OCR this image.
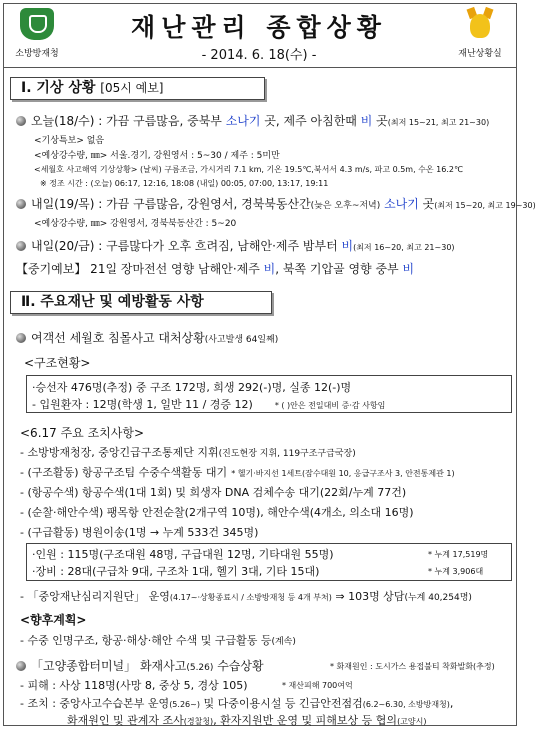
소방방재청
재난관리 종합상황
- 2014. 6. 18(수) -	재난상황실
Ⅰ. 기상 상황 [05시 예보]
오늘(18/수) : 가끔 구름많음, 중북부 소나기 곳, 제주 아침한때 비 곳(최저 15~21, 최고 21~30)
<기상특보> 없음
<예상강수량, ㎜> 서울.경기, 강원영서 : 5~30 / 제주 : 5미만
<세월호 사고해역 기상상황> (날씨) 구름조금, 가시거리 7.1 km, 기온 19.5℃,북서서 4.3 m/s, 파고 0.5m, 수온 16.2℃
※ 정조 시간 : (오늘) 06:17, 12:16, 18:08 (내일) 00:05, 07:00, 13:17, 19:11
내일(19/목) : 가끔 구름많음, 강원영서, 경북북동산간(늦은 오후~저녁) 소나기 곳(최저 15~20, 최고 19~30)
<예상강수량, ㎜> 강원영서, 경북북동산간 : 5~20
내일(20/금) : 구름많다가 오후 흐려짐, 남해안·제주 밤부터 비(최저 16~20, 최고 21~30)
【중기예보】 21일 장마전선 영향 남해안·제주 비, 북쪽 기압골 영향 중부 비
Ⅱ. 주요재난 및 예방활동 사항
여객선 세월호 침몰사고 대처상황(사고발생 64일째)
<구조현황>
·승선자 476명(추정) 중 구조 172명, 희생 292(-)명, 실종 12(-)명
- 입원환자 : 12명(학생 1, 일반 11 / 경증 12)	* ( )안은 전일대비 증·감 사항임
<6.17 주요 조치사항>
- 소방방재청장, 중앙긴급구조통제단 지휘(진도현장 지휘, 119구조구급국장)
- (구조활동) 항공구조팀 수중수색활동 대기 * 헬기·바지선 1세트(잠수대원 10, 응급구조사 3, 안전통제관 1)
- (항공수색) 항공수색(1대 1회) 및 희생자 DNA 검체수송 대기(22회/누계 77건)
- (순찰·해안수색) 팽목항 안전순찰(2개구역 10명), 해안수색(4개소, 의소대 16명)
- (구급활동) 병원이송(1명 → 누계 533건 345명)
·인원 : 115명(구조대원 48명, 구급대원 12명, 기타대원 55명)	* 누계 17,519명
·장비 : 28대(구급차 9대, 구조차 1대, 헬기 3대, 기타 15대)	* 누계 3,906대
- 「중앙재난심리지원단」 운영(4.17~·상황종료시 / 소방방재청 등 4개 부처) ⇒ 103명 상담(누계 40,254명)
<향후계획>
- 수중 인명구조, 항공·해상·해안 수색 및 구급활동 등(계속)
「고양종합터미널」 화재사고(5.26) 수습상황	* 화재원인 : 도시가스 용접불티 착화발화(추정)
- 피해 : 사상 118명(사망 8, 중상 5, 경상 105)	* 재산피해 700여억
- 조치 : 중앙사고수습본부 운영(5.26~) 및 다중이용시설 등 긴급안전점검(6.2~6.30, 소방방재청),
화재원인 및 관계자 조사(경찰청), 환자지원반 운영 및 피해보상 등 협의(고양시)
